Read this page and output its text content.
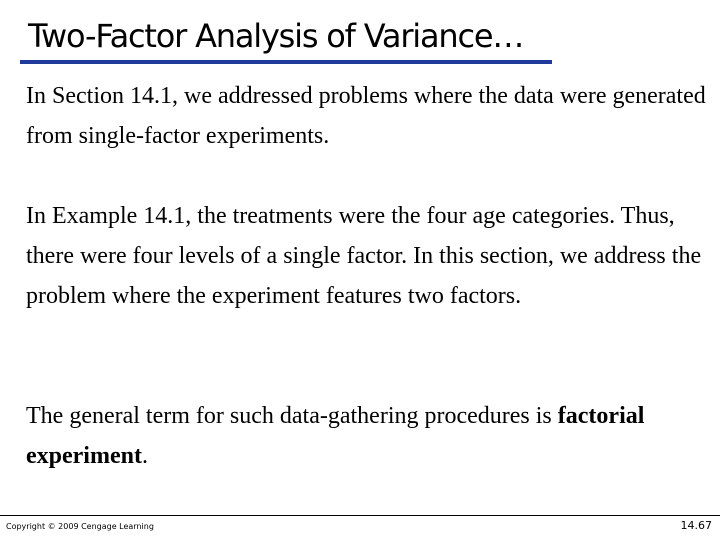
Two-Factor Analysis of Variance…
In Section 14.1, we addressed problems where the data were generated from single-factor experiments.
In Example 14.1, the treatments were the four age categories. Thus, there were four levels of a single factor. In this section, we address the problem where the experiment features two factors.
The general term for such data-gathering procedures is factorial experiment.
Copyright © 2009 Cengage Learning	14.67
